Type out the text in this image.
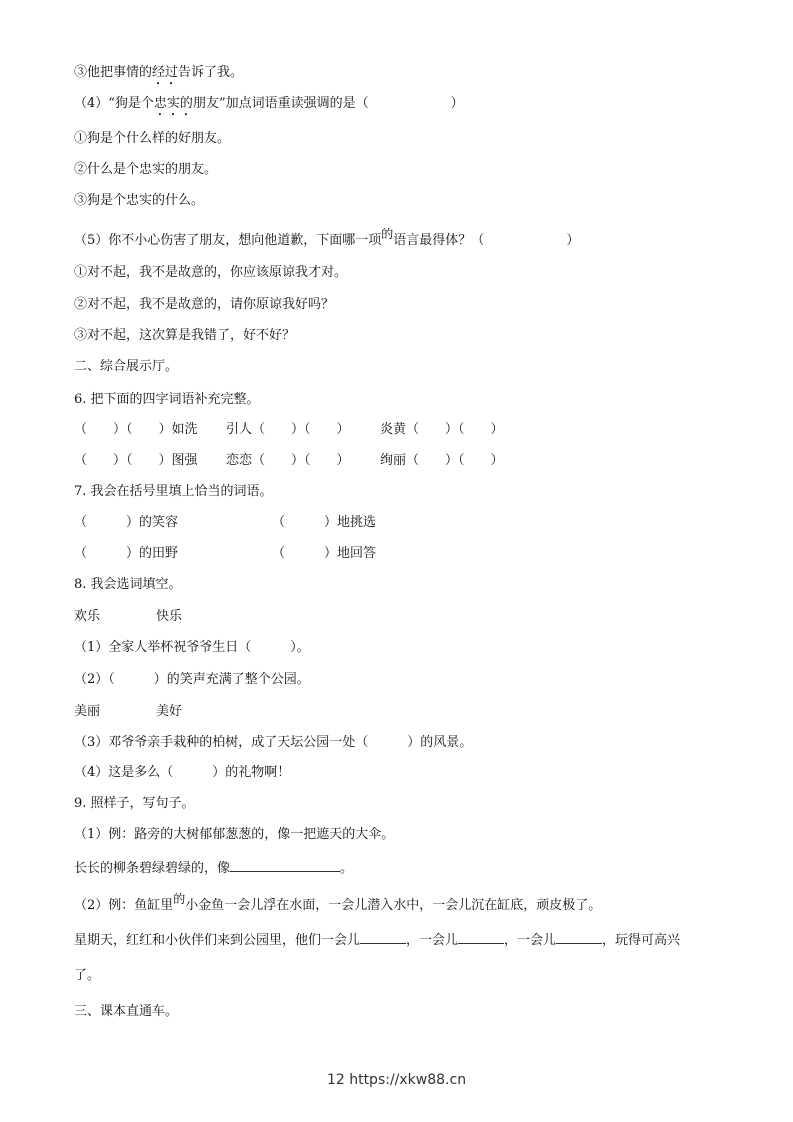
③他把事情的经过告诉了我。
（4）“狗是个忠实的朋友”加点词语重读强调的是（	）
①狗是个什么样的好朋友。
②什么是个忠实的朋友。
③狗是个忠实的什么。
（5）你不小心伤害了朋友，想向他道歉，下面哪一项的语言最得体？（	）
①对不起，我不是故意的，你应该原谅我才对。
②对不起，我不是故意的，请你原谅我好吗？
③对不起，这次算是我错了，好不好？
二、综合展示厅。
6. 把下面的四字词语补充完整。
（　　）（　　）如洗 引人（　　）（　　） 炎黄（　　）（　　）
（　　）（　　）图强 恋恋（　　）（　　） 绚丽（　　）（　　）
7. 我会在括号里填上恰当的词语。
（　　　）的笑容	（　　　）地挑选
（　　　）的田野	（　　　）地回答
8. 我会选词填空。
欢乐	快乐
（1）全家人举杯祝爷爷生日（　　　）。
（2）（　　　）的笑声充满了整个公园。
美丽	美好
（3）邓爷爷亲手栽种的柏树，成了天坛公园一处（　　　）的风景。
（4）这是多么（　　　）的礼物啊！
9. 照样子，写句子。
（1）例：路旁的大树郁郁葱葱的，像一把遮天的大伞。
长长的柳条碧绿碧绿的，像	。
（2）例：鱼缸里的小金鱼一会儿浮在水面，一会儿潜入水中，一会儿沉在缸底，顽皮极了。
星期天，红红和小伙伴们来到公园里，他们一会儿	，一会儿	，一会儿	，玩得可高兴
了。
三、课本直通车。
12 https://xkw88.cn
